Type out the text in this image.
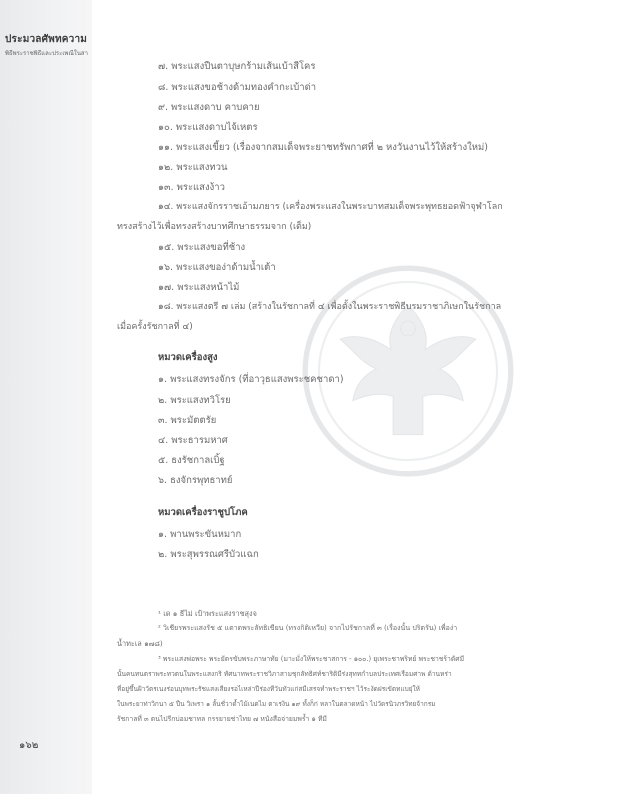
ประมวลศัพทความ
พิธีพระราชพิธีและประเพณีในสา
๗. พระแสงปืนตาบุษกร้ามเส้นเบ้าสีโคร
๘. พระแสงขอช้างด้ามทองคำกะเบ้าด่า
๙. พระแสงดาบ คาบคาย
๑๐. พระแสงดาบไจ้เหตร
๑๑. พระแสงเขี้ยว (เรื่องจากสมเด็จพระยาชทรัพกาศที่ ๒ หงวันงานไว้ให้สร้างใหม่)
๑๒. พระแสงทวน
๑๓. พระแสงง้าว
๑๔. พระแสงจักรราชเอ้ามภยาร (เครื่องพระแสงในพระบาทสมเด็จพระพุทธยอดฟ้าจุฬาโลก
ทรงสร้างไว้เพื่อทรงสร้างบาทศึกษาธรรมจาก (เต็ม)
๑๕. พระแสงขอที่ช้าง
๑๖. พระแสงของ่าด้ามน้ำเต้า
๑๗. พระแสงหน้าไม้
๑๘. พระแสงตรี ๗ เล่ม (สร้างในรัชกาลที่ ๔ เพื่อตั้งในพระราชพิธีบรมราชาภิเษกในรัชกาล
เมื่อครั้งรัชกาลที่ ๔)
หมวดเครื่องสูง
๑. พระแสงทรงจักร (ที่อาวุธแสงพระชคชาดา)
๒. พระแสงทวิโรย
๓. พระมัตตรัย
๔. พระธารมหาศ
๕. ธงรัชกาลเบิ้ฐ
๖. ธงจักรพุทธาทย์
หมวดเครื่องราชูปโภค
๑. พานพระขันหมาก
๒. พระสุพรรณศรีบัวแฉก
¹ เด ๑ ธีไม่ เป้าพระแสงราชสุงจ
² วิเชียรพระแสงรัช ๕ แตาตพระลัทธิเขียน (ทรงกิติเหวีย) จากไปรัชกาลที่ ๓ (เรื่องนั้น ปริตรัน) เพื่อง่า
น้ำทะเล ๑๗๘)
³ พระแสงพ่อพระ พระยัตรขับพระภาษาทัย (มาะมั่งให้พระชาสการ - ๑๐๐.) ยุเพระชาพริทย์ พระชาชร้าดัศมี
นั้นคนทนตราพระทวตนในพระแสงกริ ทัศนาทพระราชวิภาสามชุกลัทธิศท์ชาริติมีร่งสุททกำบลประเทศเรือมศาพ ด้านหร่า
ที่อยู่ขึ้นฝ้าวัตรเนงร่อนบุทพระรัชแสงเสียงรอไเหล่าปีร่องทีวันทัวแก่สมีเสรจทำพระราชฯ ไว้ระงัดฝรเขัตทแบยุ่ให้
ในพระยาท่าวิกนา ๕ ปืน วิเพรา ๑ ลั้นชั่วาด้ำไม้เนตไม ตาเรงิน ๑๙ ทั้งก็ก่ หลาในตลาดหน้า ไปวัดรนิวภรวิทยจ้ากรม
รัชกาลที่ ๓ ตนไปรีกบ่อมชาทล กรรยายช่าไทย ๗ หนังสือจ่ายมพร้ำ ๑ ทีมี
๑๖๒
